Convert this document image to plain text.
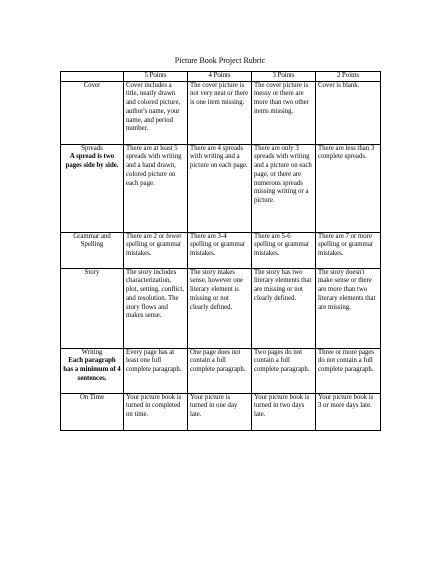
Picture Book Project Rubric
	5 Points	4 Points	3 Points	2 Points

Cover	Cover includes a title, neatly drawn and colored picture, author's name, your name, and period number.	The cover picture is not very neat or there is one item missing.	The cover picture is messy or there are more than two other items missing.	Cover is blank.

Spreads
A spread is two pages side by side.	There are at least 5 spreads with writing and a hand drawn, colored picture on each page.	There are 4 spreads with writing and a picture on each page.	There are only 3 spreads with writing and a picture on each page, or there are numerous spreads missing writing or a picture.	There are less than 3 complete spreads.

Grammar and Spelling	There are 2 or fewer spelling or grammar mistakes.	There are 3-4 spelling or grammar mistakes.	There are 5-6 spelling or grammar mistakes.	There are 7 or more spelling or grammar mistakes.

Story	The story includes characterization, plot, setting, conflict, and resolution. The story flows and makes sense.	The story makes sense, however one literary element is missing or not clearly defined.	The story has two literary elements that are missing or not clearly defined.	The story doesn't make sense or there are more than two literary elements that are missing.

Writing
Each paragraph has a minimum of 4 sentences.	Every page has at least one full complete paragraph.	One page does not contain a full complete paragraph.	Two pages do not contain a full complete paragraph.	Three or more pages do not contain a full complete paragraph.

On Time	Your picture book is turned in completed on time.	Your picture is turned in one day late.	Your picture book is turned in two days late.	Your picture book is 3 or more days late.
